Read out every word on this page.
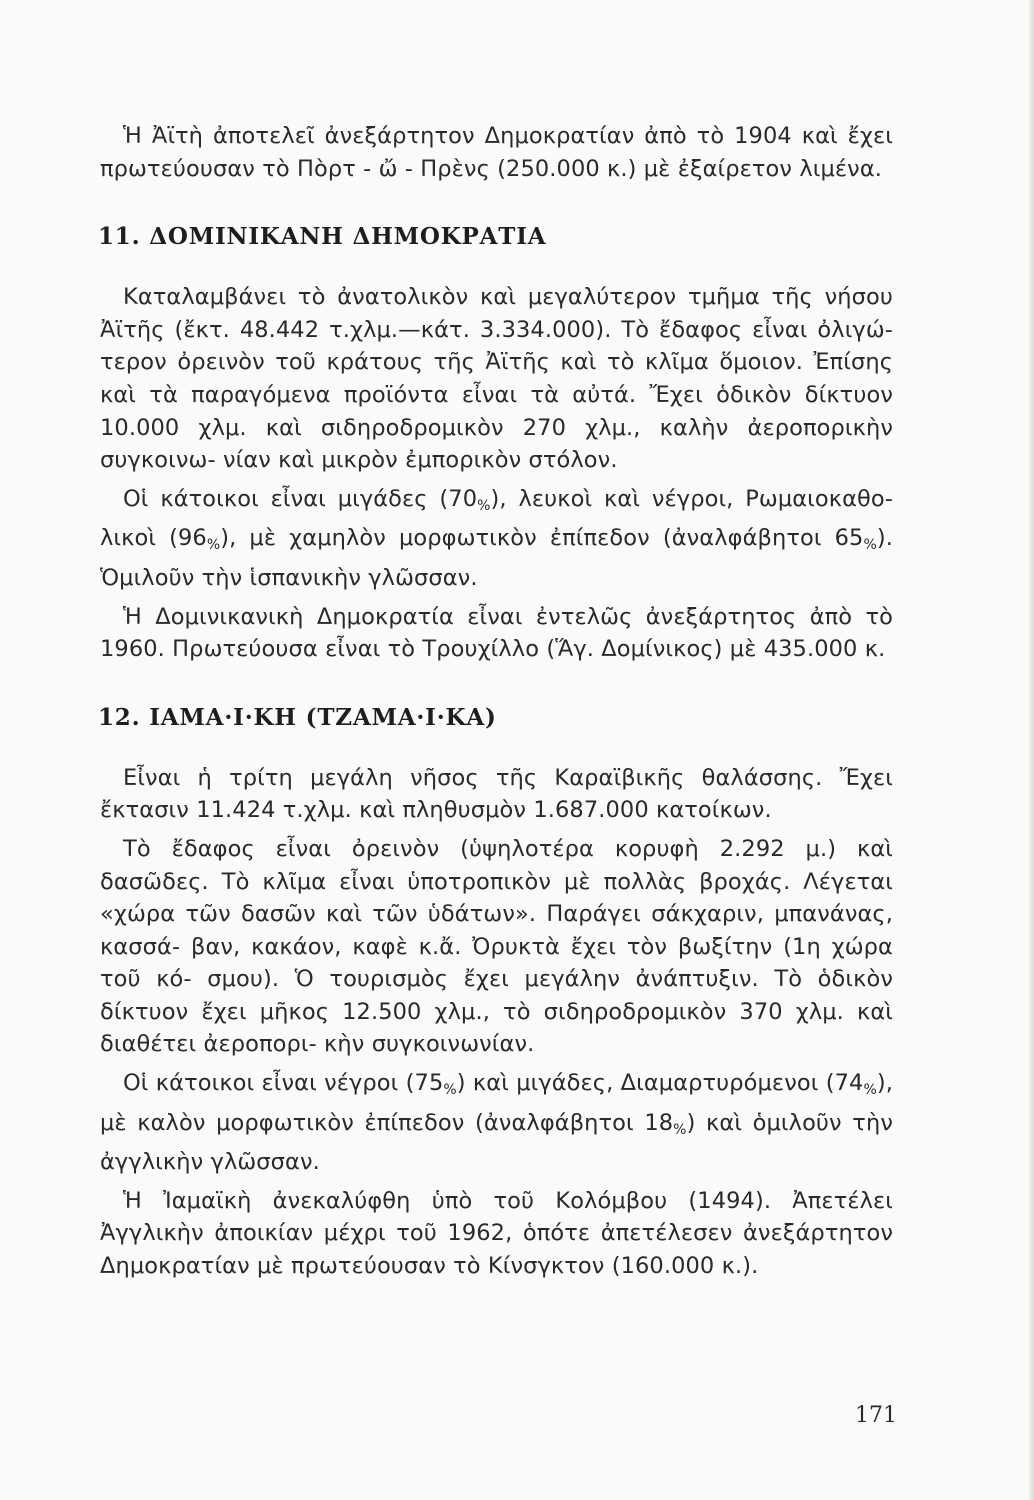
Ἡ Ἀϊτὴ ἀποτελεῖ ἀνεξάρτητον Δημοκρατίαν ἀπὸ τὸ 1904 καὶ ἔχει πρωτεύουσαν τὸ Πὸρτ - ὤ - Πρὲνς (250.000 κ.) μὲ ἐξαίρετον λιμένα.

11. ΔΟΜΙΝΙΚΑΝΗ ΔΗΜΟΚΡΑΤΙΑ

Καταλαμβάνει τὸ ἀνατολικὸν καὶ μεγαλύτερον τμῆμα τῆς νήσου Ἀϊτῆς (ἔκτ. 48.442 τ.χλμ.—κάτ. 3.334.000). Τὸ ἔδαφος εἶναι ὀλιγώ- τερον ὀρεινὸν τοῦ κράτους τῆς Ἀϊτῆς καὶ τὸ κλῖμα ὅμοιον. Ἐπίσης καὶ τὰ παραγόμενα προϊόντα εἶναι τὰ αὐτά. Ἔχει ὁδικὸν δίκτυον 10.000 χλμ. καὶ σιδηροδρομικὸν 270 χλμ., καλὴν ἀεροπορικὴν συγκοινω- νίαν καὶ μικρὸν ἐμπορικὸν στόλον.

Οἱ κάτοικοι εἶναι μιγάδες $(70_{\%})$, λευκοὶ καὶ νέγροι, Ρωμαιοκαθο- λικοὶ $(96_{\%})$, μὲ χαμηλὸν μορφωτικὸν ἐπίπεδον (ἀναλφάβητοι $65_{\%}$). Ὁμιλοῦν τὴν ἱσπανικὴν γλῶσσαν.

Ἡ Δομινικανικὴ Δημοκρατία εἶναι ἐντελῶς ἀνεξάρτητος ἀπὸ τὸ 1960. Πρωτεύουσα εἶναι τὸ Τρουχίλλο (Ἅγ. Δομίνικος) μὲ 435.000 κ.

12. ΙΑΜΑ·Ι·ΚΗ (ΤΖΑΜΑ·Ι·ΚΑ)

Εἶναι ἡ τρίτη μεγάλη νῆσος τῆς Καραϊβικῆς θαλάσσης. Ἔχει ἔκτασιν 11.424 τ.χλμ. καὶ πληθυσμὸν 1.687.000 κατοίκων.

Τὸ ἔδαφος εἶναι ὀρεινὸν (ὑψηλοτέρα κορυφὴ 2.292 μ.) καὶ δασῶδες. Τὸ κλῖμα εἶναι ὑποτροπικὸν μὲ πολλὰς βροχάς. Λέγεται «χώρα τῶν δασῶν καὶ τῶν ὑδάτων». Παράγει σάκχαριν, μπανάνας, κασσά- βαν, κακάον, καφὲ κ.ἄ. Ὀρυκτὰ ἔχει τὸν βωξίτην (1η χώρα τοῦ κό- σμου). Ὁ τουρισμὸς ἔχει μεγάλην ἀνάπτυξιν. Τὸ ὁδικὸν δίκτυον ἔχει μῆκος 12.500 χλμ., τὸ σιδηροδρομικὸν 370 χλμ. καὶ διαθέτει ἀεροπορι- κὴν συγκοινωνίαν.

Οἱ κάτοικοι εἶναι νέγροι $(75_{\%})$ καὶ μιγάδες, Διαμαρτυρόμενοι $(74_{\%})$, μὲ καλὸν μορφωτικὸν ἐπίπεδον (ἀναλφάβητοι $18_{\%}$) καὶ ὁμιλοῦν τὴν ἀγγλικὴν γλῶσσαν.

Ἡ Ἰαμαϊκὴ ἀνεκαλύφθη ὑπὸ τοῦ Κολόμβου (1494). Ἀπετέλει Ἀγγλικὴν ἀποικίαν μέχρι τοῦ 1962, ὁπότε ἀπετέλεσεν ἀνεξάρτητον Δημοκρατίαν μὲ πρωτεύουσαν τὸ Κίνσγκτον (160.000 κ.).

171
